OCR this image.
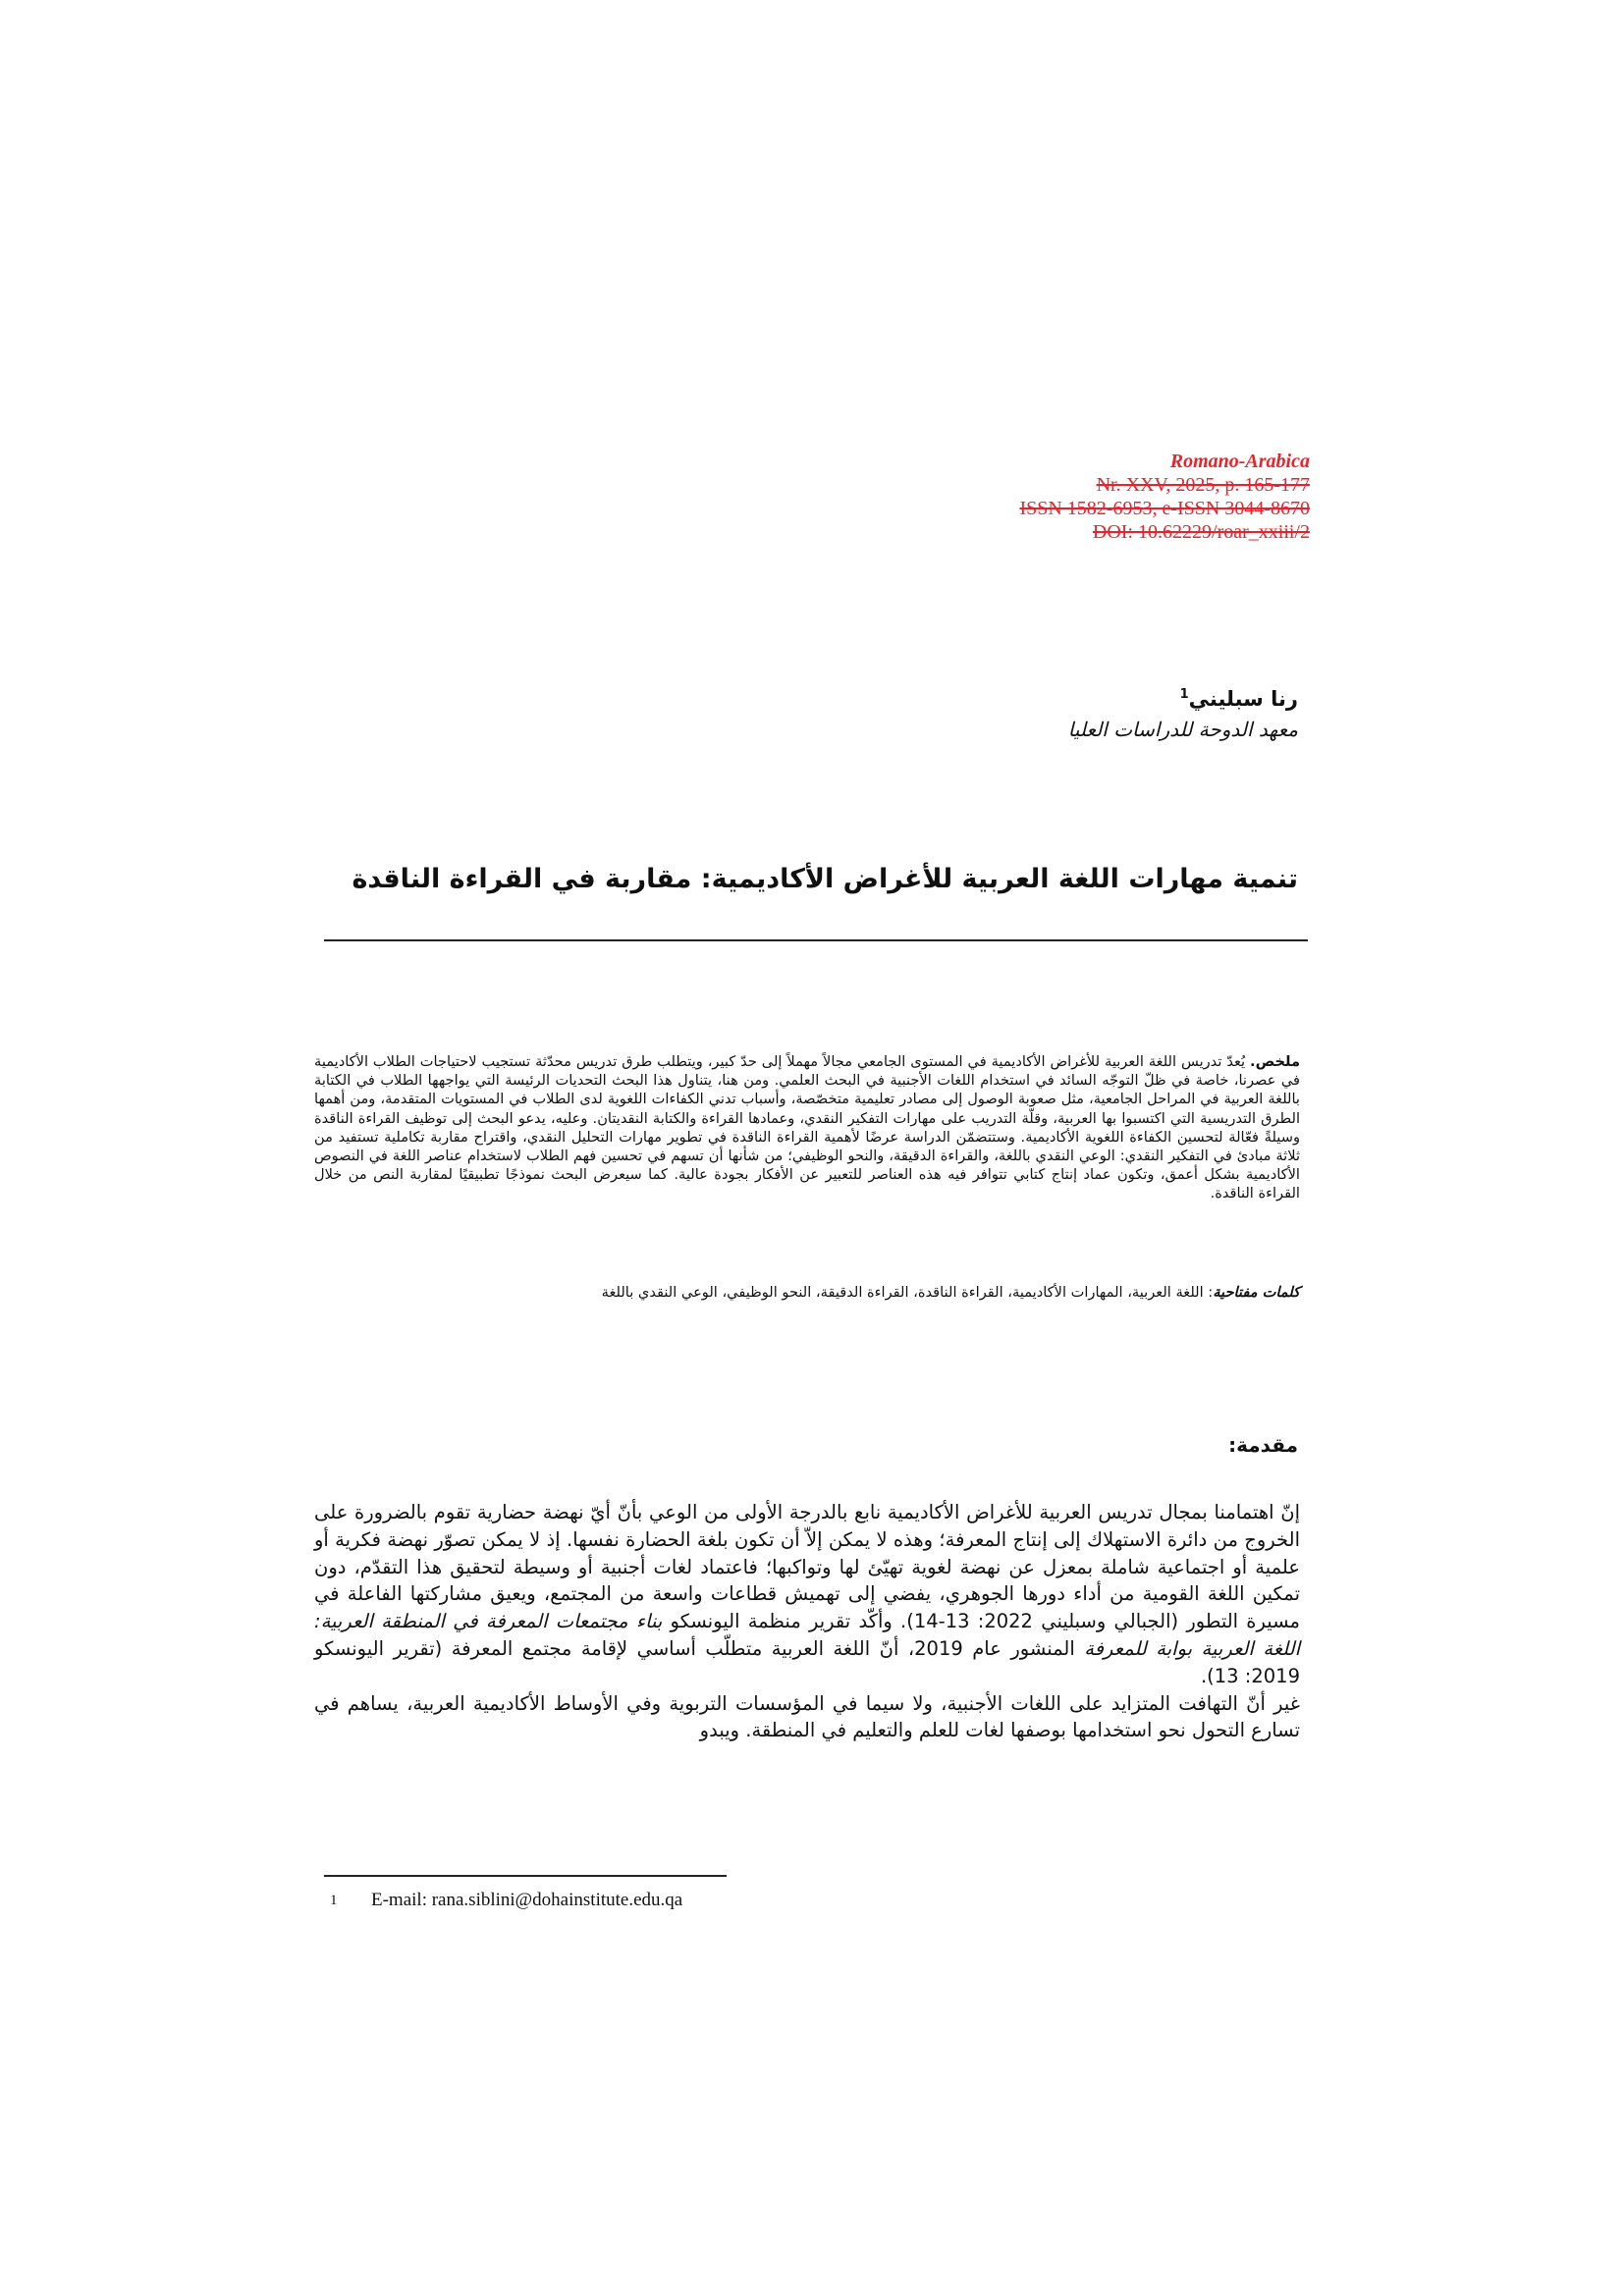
Romano-Arabica
Nr. XXV, 2025, p. 165-177
ISSN 1582-6953, e-ISSN 3044-8670
DOI: 10.62229/roar_xxiii/2
رنا سبليني$^1$
معهد الدوحة للدراسات العليا
تنمية مهارات اللغة العربية للأغراض الأكاديمية: مقاربة في القراءة الناقدة

ملخص. يُعدّ تدريس اللغة العربية للأغراض الأكاديمية في المستوى الجامعي مجالاً مهملاً إلى حدّ كبير، ويتطلب طرق تدريس محدّثة تستجيب لاحتياجات الطلاب الأكاديمية في عصرنا، خاصة في ظلّ التوجّه السائد في استخدام اللغات الأجنبية في البحث العلمي. ومن هنا، يتناول هذا البحث التحديات الرئيسة التي يواجهها الطلاب في الكتابة باللغة العربية في المراحل الجامعية، مثل صعوبة الوصول إلى مصادر تعليمية متخصّصة، وأسباب تدني الكفاءات اللغوية لدى الطلاب في المستويات المتقدمة، ومن أهمها الطرق التدريسية التي اكتسبوا بها العربية، وقلّة التدريب على مهارات التفكير النقدي، وعمادها القراءة والكتابة النقديتان. وعليه، يدعو البحث إلى توظيف القراءة الناقدة وسيلةً فعّالة لتحسين الكفاءة اللغوية الأكاديمية. وستتضمّن الدراسة عرضًا لأهمية القراءة الناقدة في تطوير مهارات التحليل النقدي، واقتراح مقاربة تكاملية تستفيد من ثلاثة مبادئ في التفكير النقدي: الوعي النقدي باللغة، والقراءة الدقيقة، والنحو الوظيفي؛ من شأنها أن تسهم في تحسين فهم الطلاب لاستخدام عناصر اللغة في النصوص الأكاديمية بشكل أعمق، وتكون عماد إنتاج كتابي تتوافر فيه هذه العناصر للتعبير عن الأفكار بجودة عالية. كما سيعرض البحث نموذجًا تطبيقيًا لمقاربة النص من خلال القراءة الناقدة.

كلمات مفتاحية: اللغة العربية، المهارات الأكاديمية، القراءة الناقدة، القراءة الدقيقة، النحو الوظيفي، الوعي النقدي باللغة
مقدمة:

إنّ اهتمامنا بمجال تدريس العربية للأغراض الأكاديمية نابع بالدرجة الأولى من الوعي بأنّ أيّ نهضة حضارية تقوم بالضرورة على الخروج من دائرة الاستهلاك إلى إنتاج المعرفة؛ وهذه لا يمكن إلاّ أن تكون بلغة الحضارة نفسها. إذ لا يمكن تصوّر نهضة فكرية أو علمية أو اجتماعية شاملة بمعزل عن نهضة لغوية تهيّئ لها وتواكبها؛ فاعتماد لغات أجنبية أو وسيطة لتحقيق هذا التقدّم، دون تمكين اللغة القومية من أداء دورها الجوهري، يفضي إلى تهميش قطاعات واسعة من المجتمع، ويعيق مشاركتها الفاعلة في مسيرة التطور (الجبالي وسبليني 2022: 13-14). وأكّد تقرير منظمة اليونسكو بناء مجتمعات المعرفة في المنطقة العربية: اللغة العربية بوابة للمعرفة المنشور عام 2019، أنّ اللغة العربية متطلّب أساسي لإقامة مجتمع المعرفة (تقرير اليونسكو 2019: 13).

غير أنّ التهافت المتزايد على اللغات الأجنبية، ولا سيما في المؤسسات التربوية وفي الأوساط الأكاديمية العربية، يساهم في تسارع التحول نحو استخدامها بوصفها لغات للعلم والتعليم في المنطقة. ويبدو

1 E-mail: rana.siblini@dohainstitute.edu.qa
